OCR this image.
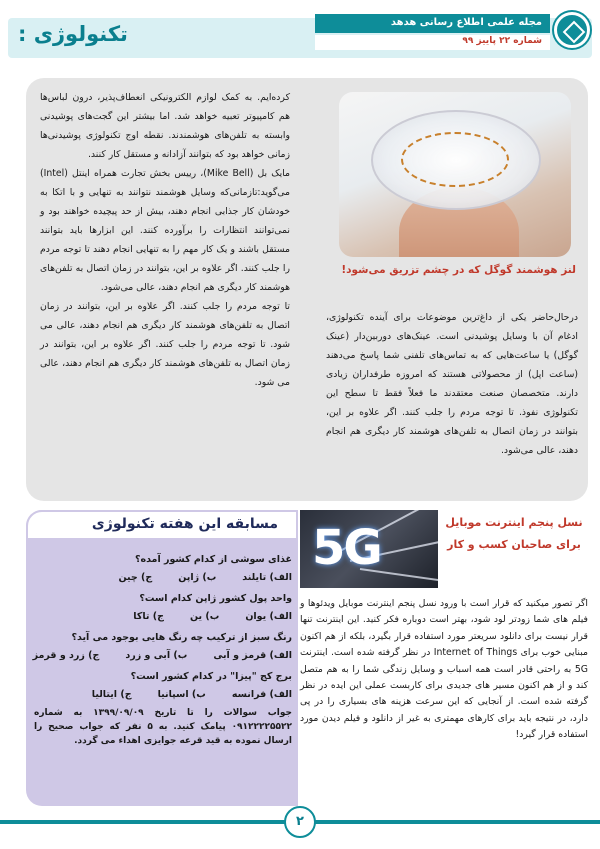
تکنولوژی :	مجله علمی اطلاع رسانی هدهد
شماره ۲۲ پاییز ۹۹

کرده‌ایم. به کمک لوازم الکترونیکی انعطاف‌پذیر، درون لباس‌ها هم کامپیوتر تعبیه خواهد شد. اما بیشتر این گجت‌های پوشیدنی وابسته به تلفن‌های هوشمندند. نقطه اوج تکنولوژی پوشیدنی‌ها زمانی خواهد بود که بتوانند آزادانه و مستقل کار کنند.

مایک بل (Mike Bell)، رییس بخش تجارت همراه اینتل (Intel) می‌گوید:تازمانی‌که وسایل هوشمند نتوانند به تنهایی و با اتکا به خودشان کار جذابی انجام دهند، بیش از حد پیچیده خواهند بود و نمی‌توانند انتظارات را برآورده کنند. این ابزارها باید بتوانند مستقل باشند و یک کار مهم را به تنهایی انجام دهند تا توجه مردم را جلب کنند. اگر علاوه بر این، بتوانند در زمان اتصال به تلفن‌های هوشمند کار دیگری هم انجام دهند، عالی می‌شود.

تا توجه مردم را جلب کنند. اگر علاوه بر این، بتوانند در زمان اتصال به تلفن‌های هوشمند کار دیگری هم انجام دهند، عالی می شود. تا توجه مردم را جلب کنند. اگر علاوه بر این، بتوانند در زمان اتصال به تلفن‌های هوشمند کار دیگری هم انجام دهند، عالی می شود.

لنز هوشمند گوگل که در چشم تزریق می‌شود!
درحال‌حاضر یکی از داغ‌ترین موضوعات برای آینده تکنولوژی، ادغام آن با وسایل پوشیدنی است. عینک‌های دوربین‌دار (عینک گوگل) یا ساعت‌هایی که به تماس‌های تلفنی شما پاسخ می‌دهند (ساعت اپل) از محصولاتی هستند که امروزه طرفداران زیادی دارند. متخصصان صنعت معتقدند ما فعلاً فقط تا سطح این تکنولوژی نفوذ. تا توجه مردم را جلب کنند. اگر علاوه بر این، بتوانند در زمان اتصال به تلفن‌های هوشمند کار دیگری هم انجام دهند، عالی می‌شود.
مسابقه این هفته تکنولوژی
غذای سوشی از کدام کشور آمده؟
الف) تایلند
ب) ژاپن
ج) چین
واحد پول کشور ژاپن کدام است؟
الف) یوان
ب) ین
ج) تاکا
رنگ سبز از ترکیب چه رنگ هایی بوجود می آید؟
الف) قرمز و آبی
ب) آبی و زرد
ج) زرد و قرمز
برج کج "پیزا" در کدام کشور است؟
الف) فرانسه
ب) اسپانیا
ج) ایتالیا
جواب سوالات را تا تاریخ ۱۳۹۹/۰۹/۰۹ به شماره ۰۹۱۲۲۲۲۵۵۲۲ پیامک کنید. به ۵ نفر که جواب صحیح را ارسال نموده به قید قرعه جوایزی اهداء می گردد.
5G	نسل پنجم اینترنت موبایل برای صاحبان کسب و کار
اگر تصور میکنید که قرار است با ورود نسل پنجم اینترنت موبایل ویدئوها و فیلم های شما زودتر لود شود، بهتر است دوباره فکر کنید. این اینترنت تنها قرار نیست برای دانلود سریعتر مورد استفاده قرار بگیرد، بلکه از هم اکنون مبنایی خوب برای Internet of Things در نظر گرفته شده است. اینترنت 5G به راحتی قادر است همه اسباب و وسایل زندگی شما را به هم متصل کند و از هم اکنون مسیر های جدیدی برای کاربست عملی این ایده در نظر گرفته شده است. از آنجایی که این سرعت هزینه های بسیاری را در پی دارد، در نتیجه باید برای کارهای مهمتری به غیر از دانلود و فیلم دیدن مورد استفاده قرار گیرد!
۲
